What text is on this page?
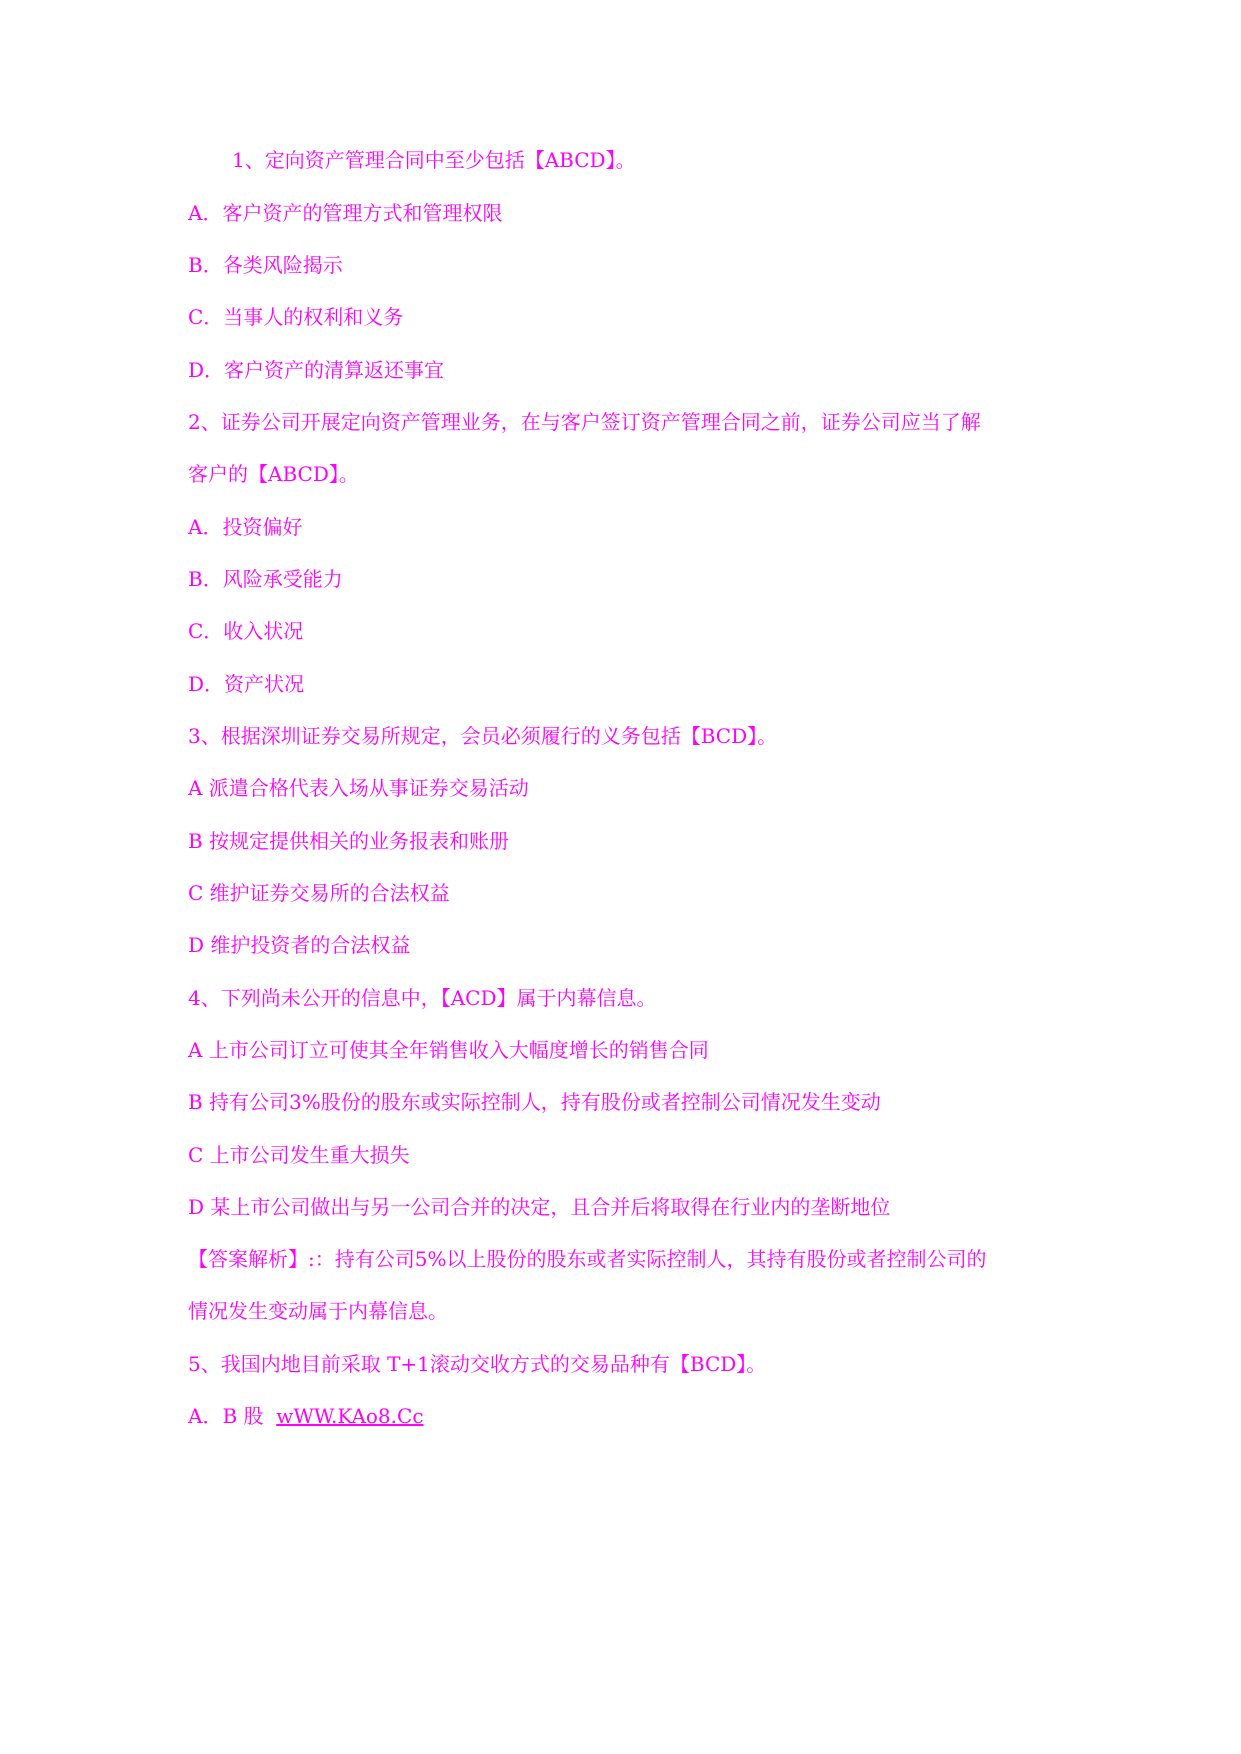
1、定向资产管理合同中至少包括【ABCD】。

A．客户资产的管理方式和管理权限

B．各类风险揭示

C．当事人的权利和义务

D．客户资产的清算返还事宜

2、证券公司开展定向资产管理业务，在与客户签订资产管理合同之前，证券公司应当了解

客户的【ABCD】。

A．投资偏好

B．风险承受能力

C．收入状况

D．资产状况

3、根据深圳证券交易所规定，会员必须履行的义务包括【BCD】。

A 派遣合格代表入场从事证券交易活动

B 按规定提供相关的业务报表和账册

C 维护证券交易所的合法权益

D 维护投资者的合法权益

4、下列尚未公开的信息中，【ACD】属于内幕信息。

A 上市公司订立可使其全年销售收入大幅度增长的销售合同

B 持有公司3%股份的股东或实际控制人，持有股份或者控制公司情况发生变动

C 上市公司发生重大损失

D 某上市公司做出与另一公司合并的决定，且合并后将取得在行业内的垄断地位

【答案解析】:：持有公司5%以上股份的股东或者实际控制人，其持有股份或者控制公司的

情况发生变动属于内幕信息。

5、我国内地目前采取 T+1滚动交收方式的交易品种有【BCD】。

A．B 股 wWW.KAo8.Cc
